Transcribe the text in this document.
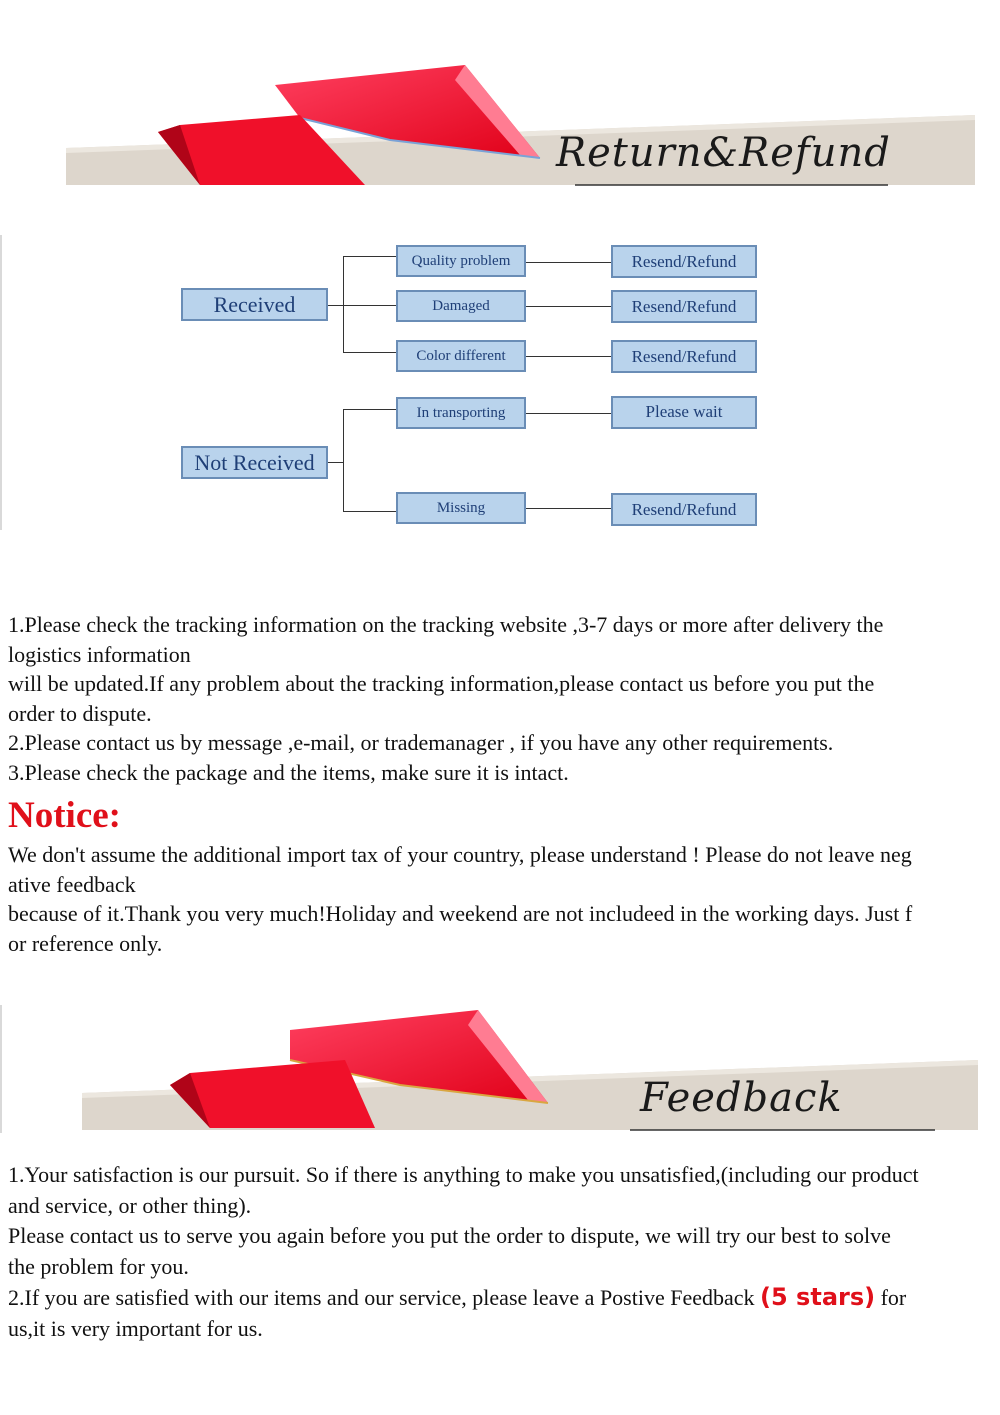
Return&Refund
Received
Not Received
Quality problem
Damaged
Color different
In transporting
Missing
Resend/Refund
Resend/Refund
Resend/Refund
Please wait
Resend/Refund

1.Please check the tracking information on the tracking website ,3-7 days or more after delivery the

logistics information

will be updated.If any problem about the tracking information,please contact us before you put the

order to dispute.

2.Please contact us by message ,e-mail, or trademanager , if you have any other requirements.

3.Please check the package and the items, make sure it is intact.

Notice:

We don't assume the additional import tax of your country, please understand ! Please do not leave neg

ative feedback

because of it.Thank you very much!Holiday and weekend are not includeed in the working days. Just f

or reference only.

Feedback

1.Your satisfaction is our pursuit. So if there is anything to make you unsatisfied,(including our product

and service, or other thing).

Please contact us to serve you again before you put the order to dispute, we will try our best to solve

the problem for you.

2.If you are satisfied with our items and our service, please leave a Postive Feedback (5 stars) for

us,it is very important for us.
